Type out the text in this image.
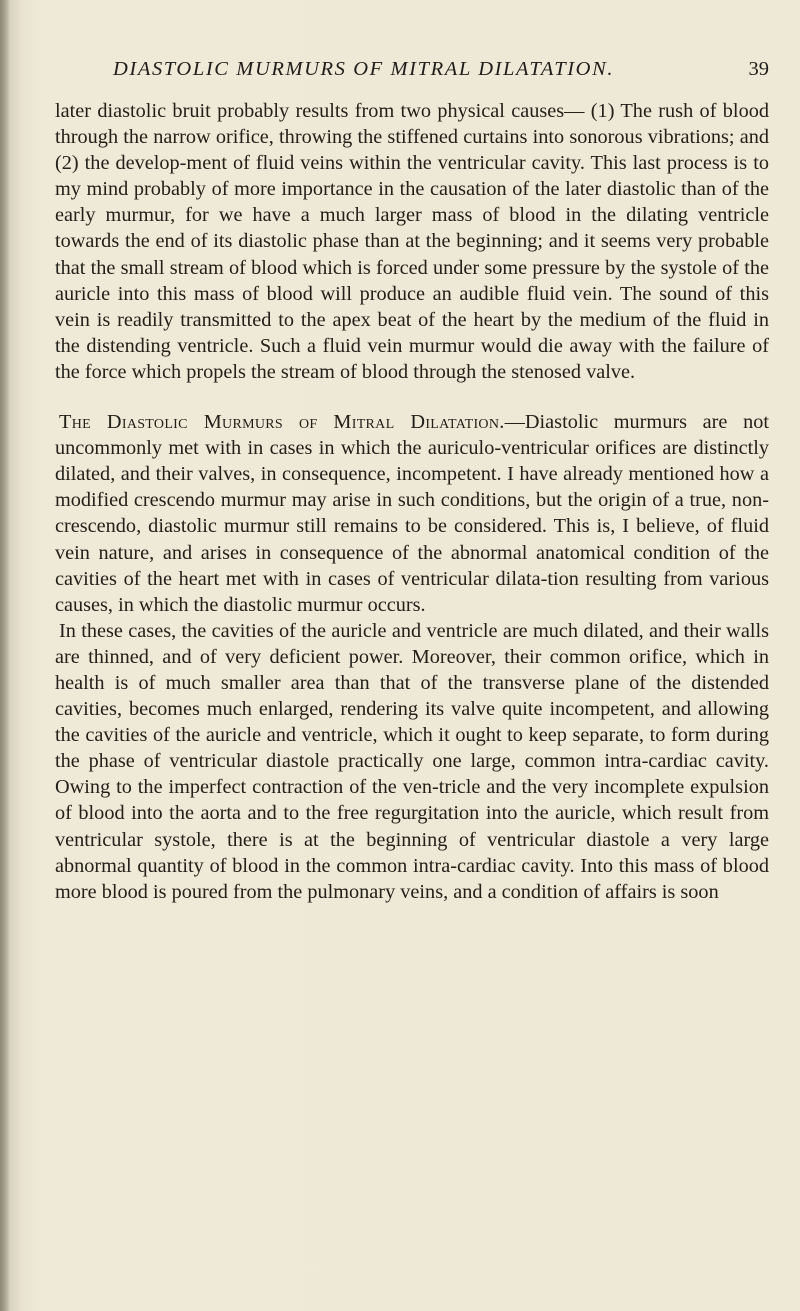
DIASTOLIC MURMURS OF MITRAL DILATATION.	39

later diastolic bruit probably results from two physical causes— (1) The rush of blood through the narrow orifice, throwing the stiffened curtains into sonorous vibrations; and (2) the develop-ment of fluid veins within the ventricular cavity. This last process is to my mind probably of more importance in the causation of the later diastolic than of the early murmur, for we have a much larger mass of blood in the dilating ventricle towards the end of its diastolic phase than at the beginning; and it seems very probable that the small stream of blood which is forced under some pressure by the systole of the auricle into this mass of blood will produce an audible fluid vein. The sound of this vein is readily transmitted to the apex beat of the heart by the medium of the fluid in the distending ventricle. Such a fluid vein murmur would die away with the failure of the force which propels the stream of blood through the stenosed valve.

The Diastolic Murmurs of Mitral Dilatation.—Diastolic murmurs are not uncommonly met with in cases in which the auriculo-ventricular orifices are distinctly dilated, and their valves, in consequence, incompetent. I have already mentioned how a modified crescendo murmur may arise in such conditions, but the origin of a true, non-crescendo, diastolic murmur still remains to be considered. This is, I believe, of fluid vein nature, and arises in consequence of the abnormal anatomical condition of the cavities of the heart met with in cases of ventricular dilata-tion resulting from various causes, in which the diastolic murmur occurs.

In these cases, the cavities of the auricle and ventricle are much dilated, and their walls are thinned, and of very deficient power. Moreover, their common orifice, which in health is of much smaller area than that of the transverse plane of the distended cavities, becomes much enlarged, rendering its valve quite incompetent, and allowing the cavities of the auricle and ventricle, which it ought to keep separate, to form during the phase of ventricular diastole practically one large, common intra-cardiac cavity. Owing to the imperfect contraction of the ven-tricle and the very incomplete expulsion of blood into the aorta and to the free regurgitation into the auricle, which result from ventricular systole, there is at the beginning of ventricular diastole a very large abnormal quantity of blood in the common intra-cardiac cavity. Into this mass of blood more blood is poured from the pulmonary veins, and a condition of affairs is soon
